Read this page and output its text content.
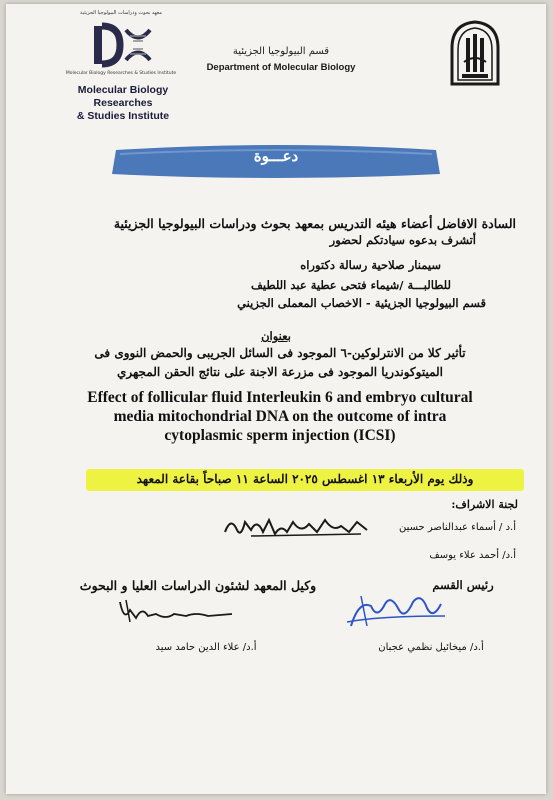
معهد بحوث ودراسات البيولوجيا الجزيئية
Molecular Biology Researches & Studies Institute
Molecular Biology Researches
& Studies Institute
قسم البيولوجيا الجزيئية
Department of Molecular Biology
دعـــوة
السادة الافاضل أعضاء هيئه التدريس بمعهد بحوث ودراسات البيولوجيا الجزيئية
أتشرف بدعوه سيادتكم لحضور
سيمنار صلاحية رسالة دكتوراه
للطالبـــة /شيماء فتحى عطية عبد اللطيف
قسم البيولوجيا الجزيئية - الاخصاب المعملى الجزيني
بعنوان
تأثير كلا من الانترلوكين-٦ الموجود فى السائل الجريبى والحمض النووى فى
الميتوكوندريا الموجود فى مزرعة الاجنة على نتائج الحقن المجهري
Effect of follicular fluid Interleukin 6 and embryo cultural
media mitochondrial DNA on the outcome of intra
cytoplasmic sperm injection (ICSI)
وذلك يوم الأربعاء ١٣ اغسطس ٢٠٢٥ الساعة ١١ صباحاً بقاعة المعهد
لجنة الاشراف:
أ.د / أسماء عبدالناصر حسين
أ.د/ أحمد علاء يوسف
وكيل المعهد لشئون الدراسات العليا و البحوث	رئيس القسم
أ.د/ علاء الدين حامد سيد	أ.د/ ميخائيل نظمي عجبان
